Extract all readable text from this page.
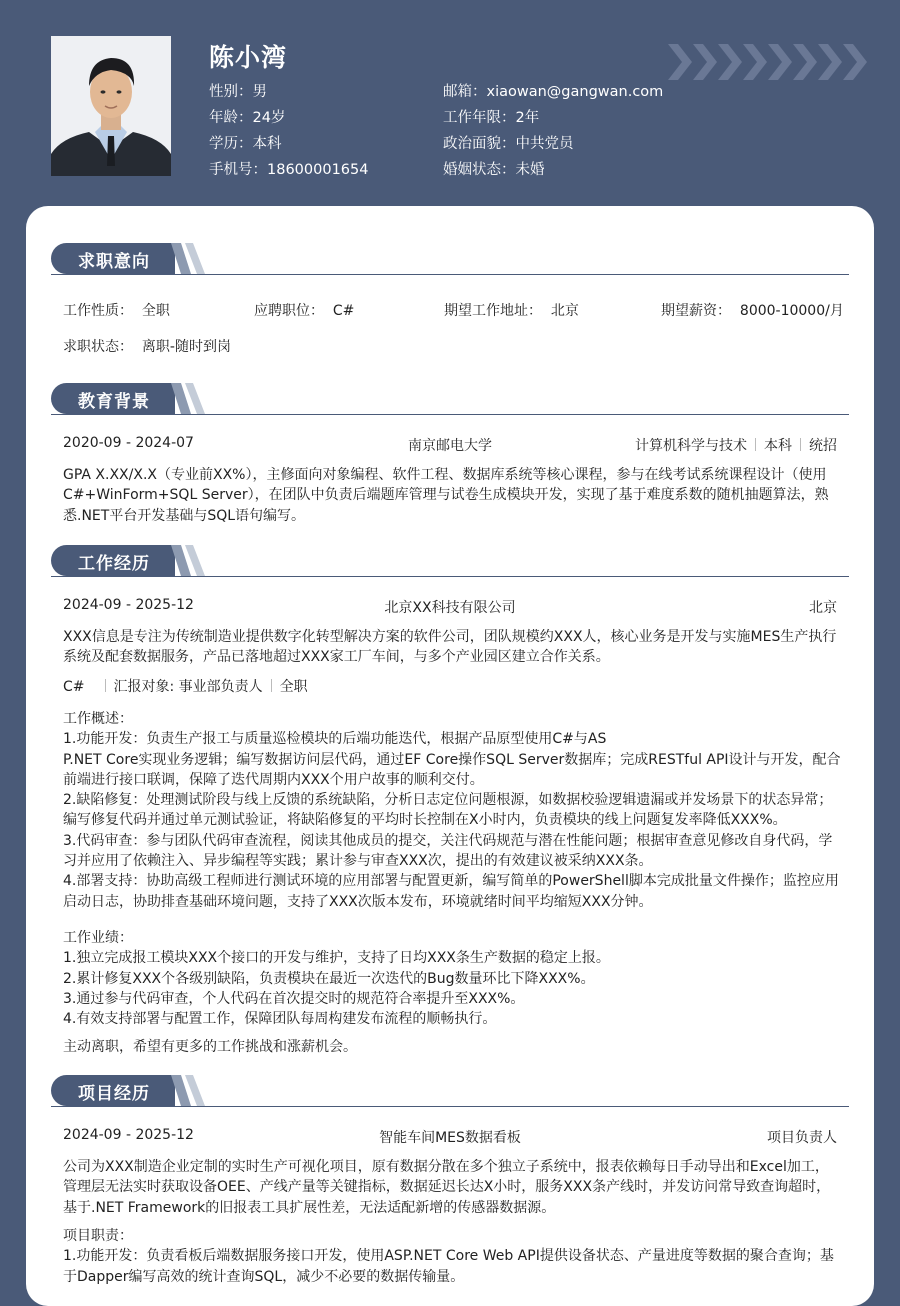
陈小湾
性别：男
年龄：24岁
学历：本科
手机号：18600001654
邮箱：xiaowan@gangwan.com
工作年限：2年
政治面貌：中共党员
婚姻状态：未婚
求职意向
工作性质： 全职	应聘职位： C#	期望工作地址： 北京	期望薪资： 8000-10000/月
求职状态： 离职-随时到岗
教育背景
2020-09 - 2024-07	南京邮电大学	计算机科学与技术 本科 统招
GPA X.XX/X.X（专业前XX%），主修面向对象编程、软件工程、数据库系统等核心课程，参与在线考试系统课程设计（使用
C#+WinForm+SQL Server），在团队中负责后端题库管理与试卷生成模块开发，实现了基于难度系数的随机抽题算法，熟
悉.NET平台开发基础与SQL语句编写。
工作经历
2024-09 - 2025-12	北京XX科技有限公司	北京
XXX信息是专注为传统制造业提供数字化转型解决方案的软件公司，团队规模约XXX人，核心业务是开发与实施MES生产执行
系统及配套数据服务，产品已落地超过XXX家工厂车间，与多个产业园区建立合作关系。
C# 汇报对象: 事业部负责人 全职
工作概述：
1.功能开发：负责生产报工与质量巡检模块的后端功能迭代，根据产品原型使用C#与AS
P.NET Core实现业务逻辑；编写数据访问层代码，通过EF Core操作SQL Server数据库；完成RESTful API设计与开发，配合
前端进行接口联调，保障了迭代周期内XXX个用户故事的顺利交付。
2.缺陷修复：处理测试阶段与线上反馈的系统缺陷，分析日志定位问题根源，如数据校验逻辑遗漏或并发场景下的状态异常；
编写修复代码并通过单元测试验证，将缺陷修复的平均时长控制在X小时内，负责模块的线上问题复发率降低XXX%。
3.代码审查：参与团队代码审查流程，阅读其他成员的提交，关注代码规范与潜在性能问题；根据审查意见修改自身代码，学
习并应用了依赖注入、异步编程等实践；累计参与审查XXX次，提出的有效建议被采纳XXX条。
4.部署支持：协助高级工程师进行测试环境的应用部署与配置更新，编写简单的PowerShell脚本完成批量文件操作；监控应用
启动日志，协助排查基础环境问题，支持了XXX次版本发布，环境就绪时间平均缩短XXX分钟。
工作业绩：
1.独立完成报工模块XXX个接口的开发与维护，支持了日均XXX条生产数据的稳定上报。
2.累计修复XXX个各级别缺陷，负责模块在最近一次迭代的Bug数量环比下降XXX%。
3.通过参与代码审查，个人代码在首次提交时的规范符合率提升至XXX%。
4.有效支持部署与配置工作，保障团队每周构建发布流程的顺畅执行。
主动离职，希望有更多的工作挑战和涨薪机会。
项目经历
2024-09 - 2025-12	智能车间MES数据看板	项目负责人
公司为XXX制造企业定制的实时生产可视化项目，原有数据分散在多个独立子系统中，报表依赖每日手动导出和Excel加工，
管理层无法实时获取设备OEE、产线产量等关键指标，数据延迟长达X小时，服务XXX条产线时，并发访问常导致查询超时，
基于.NET Framework的旧报表工具扩展性差，无法适配新增的传感器数据源。
项目职责：
1.功能开发：负责看板后端数据服务接口开发，使用ASP.NET Core Web API提供设备状态、产量进度等数据的聚合查询；基
于Dapper编写高效的统计查询SQL，减少不必要的数据传输量。
